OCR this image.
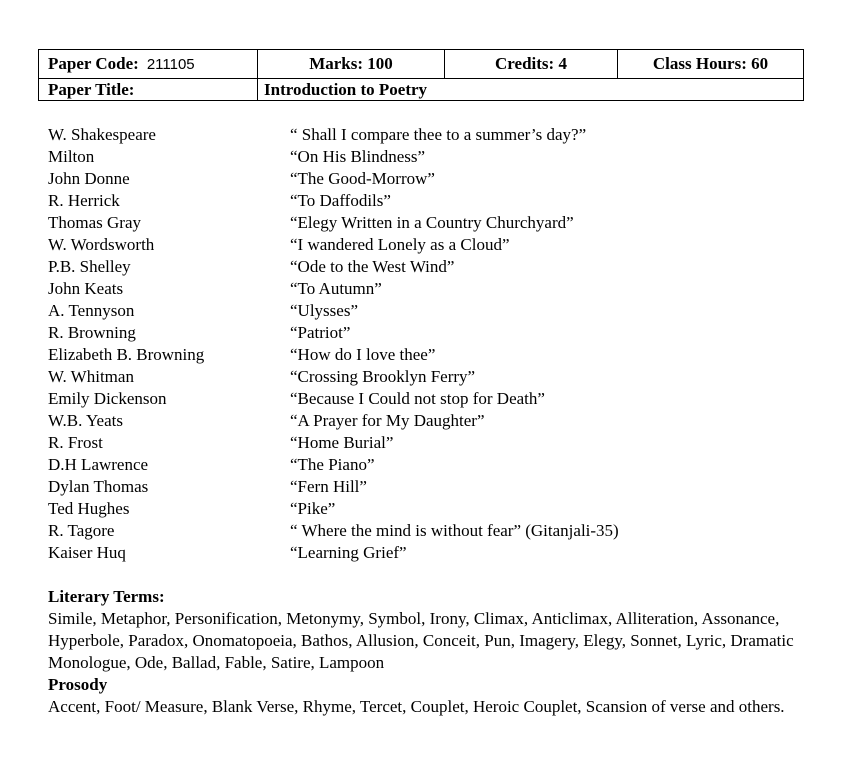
Paper Code: 211105	Marks: 100	Credits: 4	Class Hours: 60
Paper Title:	Introduction to Poetry		
W. Shakespeare	“ Shall I compare thee to a summer’s day?”
Milton	“On His Blindness”
John Donne	“The Good-Morrow”
R. Herrick	“To Daffodils”
Thomas Gray	“Elegy Written in a Country Churchyard”
W. Wordsworth	“I wandered Lonely as a Cloud”
P.B. Shelley	“Ode to the West Wind”
John Keats	“To Autumn”
A. Tennyson	“Ulysses”
R. Browning	“Patriot”
Elizabeth B. Browning	“How do I love thee”
W. Whitman	“Crossing Brooklyn Ferry”
Emily Dickenson	“Because I Could not stop for Death”
W.B. Yeats	“A Prayer for My Daughter”
R. Frost	“Home Burial”
D.H Lawrence	“The Piano”
Dylan Thomas	“Fern Hill”
Ted Hughes	“Pike”
R. Tagore	“ Where the mind is without fear” (Gitanjali-35)
Kaiser Huq	“Learning Grief”

Literary Terms:

Simile, Metaphor, Personification, Metonymy, Symbol, Irony, Climax, Anticlimax, Alliteration, Assonance, Hyperbole, Paradox, Onomatopoeia, Bathos, Allusion, Conceit, Pun, Imagery, Elegy, Sonnet, Lyric, Dramatic Monologue, Ode, Ballad, Fable, Satire, Lampoon

Prosody

Accent, Foot/ Measure, Blank Verse, Rhyme, Tercet, Couplet, Heroic Couplet, Scansion of verse and others.
